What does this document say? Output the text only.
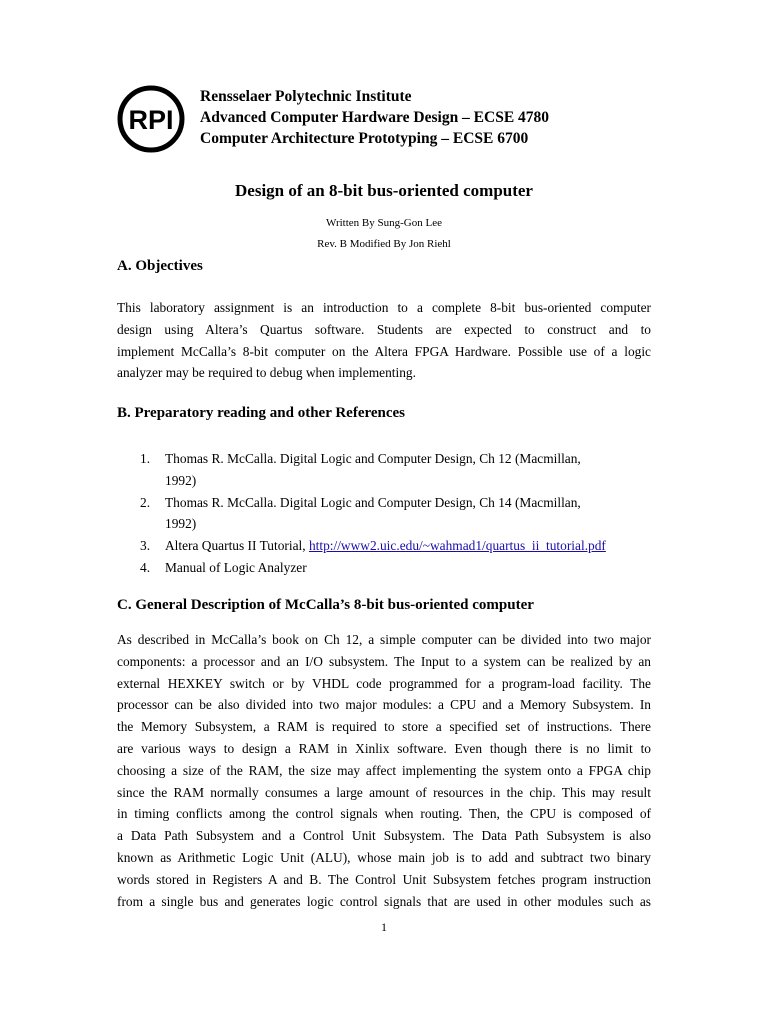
RPI
Rensselaer Polytechnic Institute
Advanced Computer Hardware Design – ECSE 4780
Computer Architecture Prototyping – ECSE 6700
Design of an 8-bit bus-oriented computer
Written By Sung-Gon Lee
Rev. B Modified By Jon Riehl
A. Objectives
This laboratory assignment is an introduction to a complete 8-bit bus-oriented computer
design using Altera’s Quartus software. Students are expected to construct and to
implement McCalla’s 8-bit computer on the Altera FPGA Hardware. Possible use of a logic
analyzer may be required to debug when implementing.
B. Preparatory reading and other References
1. Thomas R. McCalla. Digital Logic and Computer Design, Ch 12 (Macmillan,
1992)
2. Thomas R. McCalla. Digital Logic and Computer Design, Ch 14 (Macmillan,
1992)
3. Altera Quartus II Tutorial, http://www2.uic.edu/~wahmad1/quartus_ii_tutorial.pdf
4. Manual of Logic Analyzer
C. General Description of McCalla’s 8-bit bus-oriented computer
As described in McCalla’s book on Ch 12, a simple computer can be divided into two major
components: a processor and an I/O subsystem. The Input to a system can be realized by an
external HEXKEY switch or by VHDL code programmed for a program-load facility. The
processor can be also divided into two major modules: a CPU and a Memory Subsystem. In
the Memory Subsystem, a RAM is required to store a specified set of instructions. There
are various ways to design a RAM in Xinlix software. Even though there is no limit to
choosing a size of the RAM, the size may affect implementing the system onto a FPGA chip
since the RAM normally consumes a large amount of resources in the chip. This may result
in timing conflicts among the control signals when routing. Then, the CPU is composed of
a Data Path Subsystem and a Control Unit Subsystem. The Data Path Subsystem is also
known as Arithmetic Logic Unit (ALU), whose main job is to add and subtract two binary
words stored in Registers A and B. The Control Unit Subsystem fetches program instruction
from a single bus and generates logic control signals that are used in other modules such as
1
